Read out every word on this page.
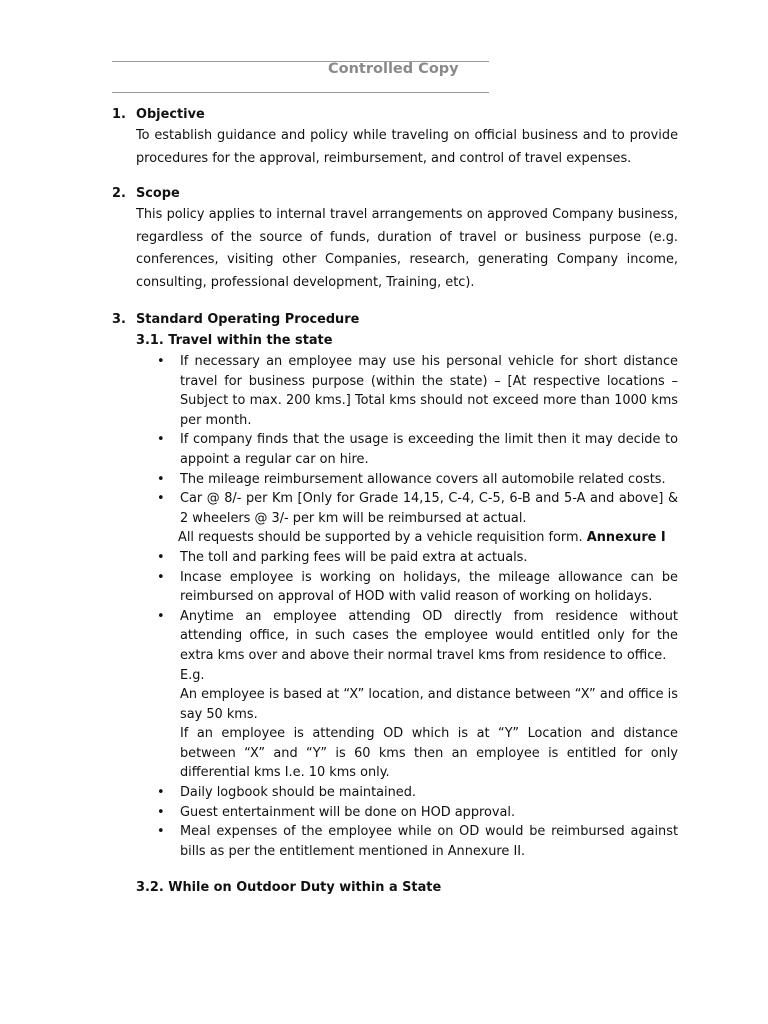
Controlled Copy
1. Objective
To establish guidance and policy while traveling on official business and to provide procedures for the approval, reimbursement, and control of travel expenses.
2. Scope
This policy applies to internal travel arrangements on approved Company business, regardless of the source of funds, duration of travel or business purpose (e.g. conferences, visiting other Companies, research, generating Company income, consulting, professional development, Training, etc).
3. Standard Operating Procedure
3.1. Travel within the state
• If necessary an employee may use his personal vehicle for short distance travel for business purpose (within the state) – [At respective locations – Subject to max. 200 kms.] Total kms should not exceed more than 1000 kms per month.
• If company finds that the usage is exceeding the limit then it may decide to appoint a regular car on hire.
• The mileage reimbursement allowance covers all automobile related costs.
• Car @ 8/- per Km [Only for Grade 14,15, C-4, C-5, 6-B and 5-A and above] & 2 wheelers @ 3/- per km will be reimbursed at actual.
All requests should be supported by a vehicle requisition form. Annexure I
• The toll and parking fees will be paid extra at actuals.
• Incase employee is working on holidays, the mileage allowance can be reimbursed on approval of HOD with valid reason of working on holidays.
• Anytime an employee attending OD directly from residence without attending office, in such cases the employee would entitled only for the extra kms over and above their normal travel kms from residence to office.
E.g.
An employee is based at “X” location, and distance between “X” and office is say 50 kms.
If an employee is attending OD which is at “Y” Location and distance between “X” and “Y” is 60 kms then an employee is entitled for only differential kms I.e. 10 kms only.
• Daily logbook should be maintained.
• Guest entertainment will be done on HOD approval.
• Meal expenses of the employee while on OD would be reimbursed against bills as per the entitlement mentioned in Annexure II.
3.2. While on Outdoor Duty within a State
